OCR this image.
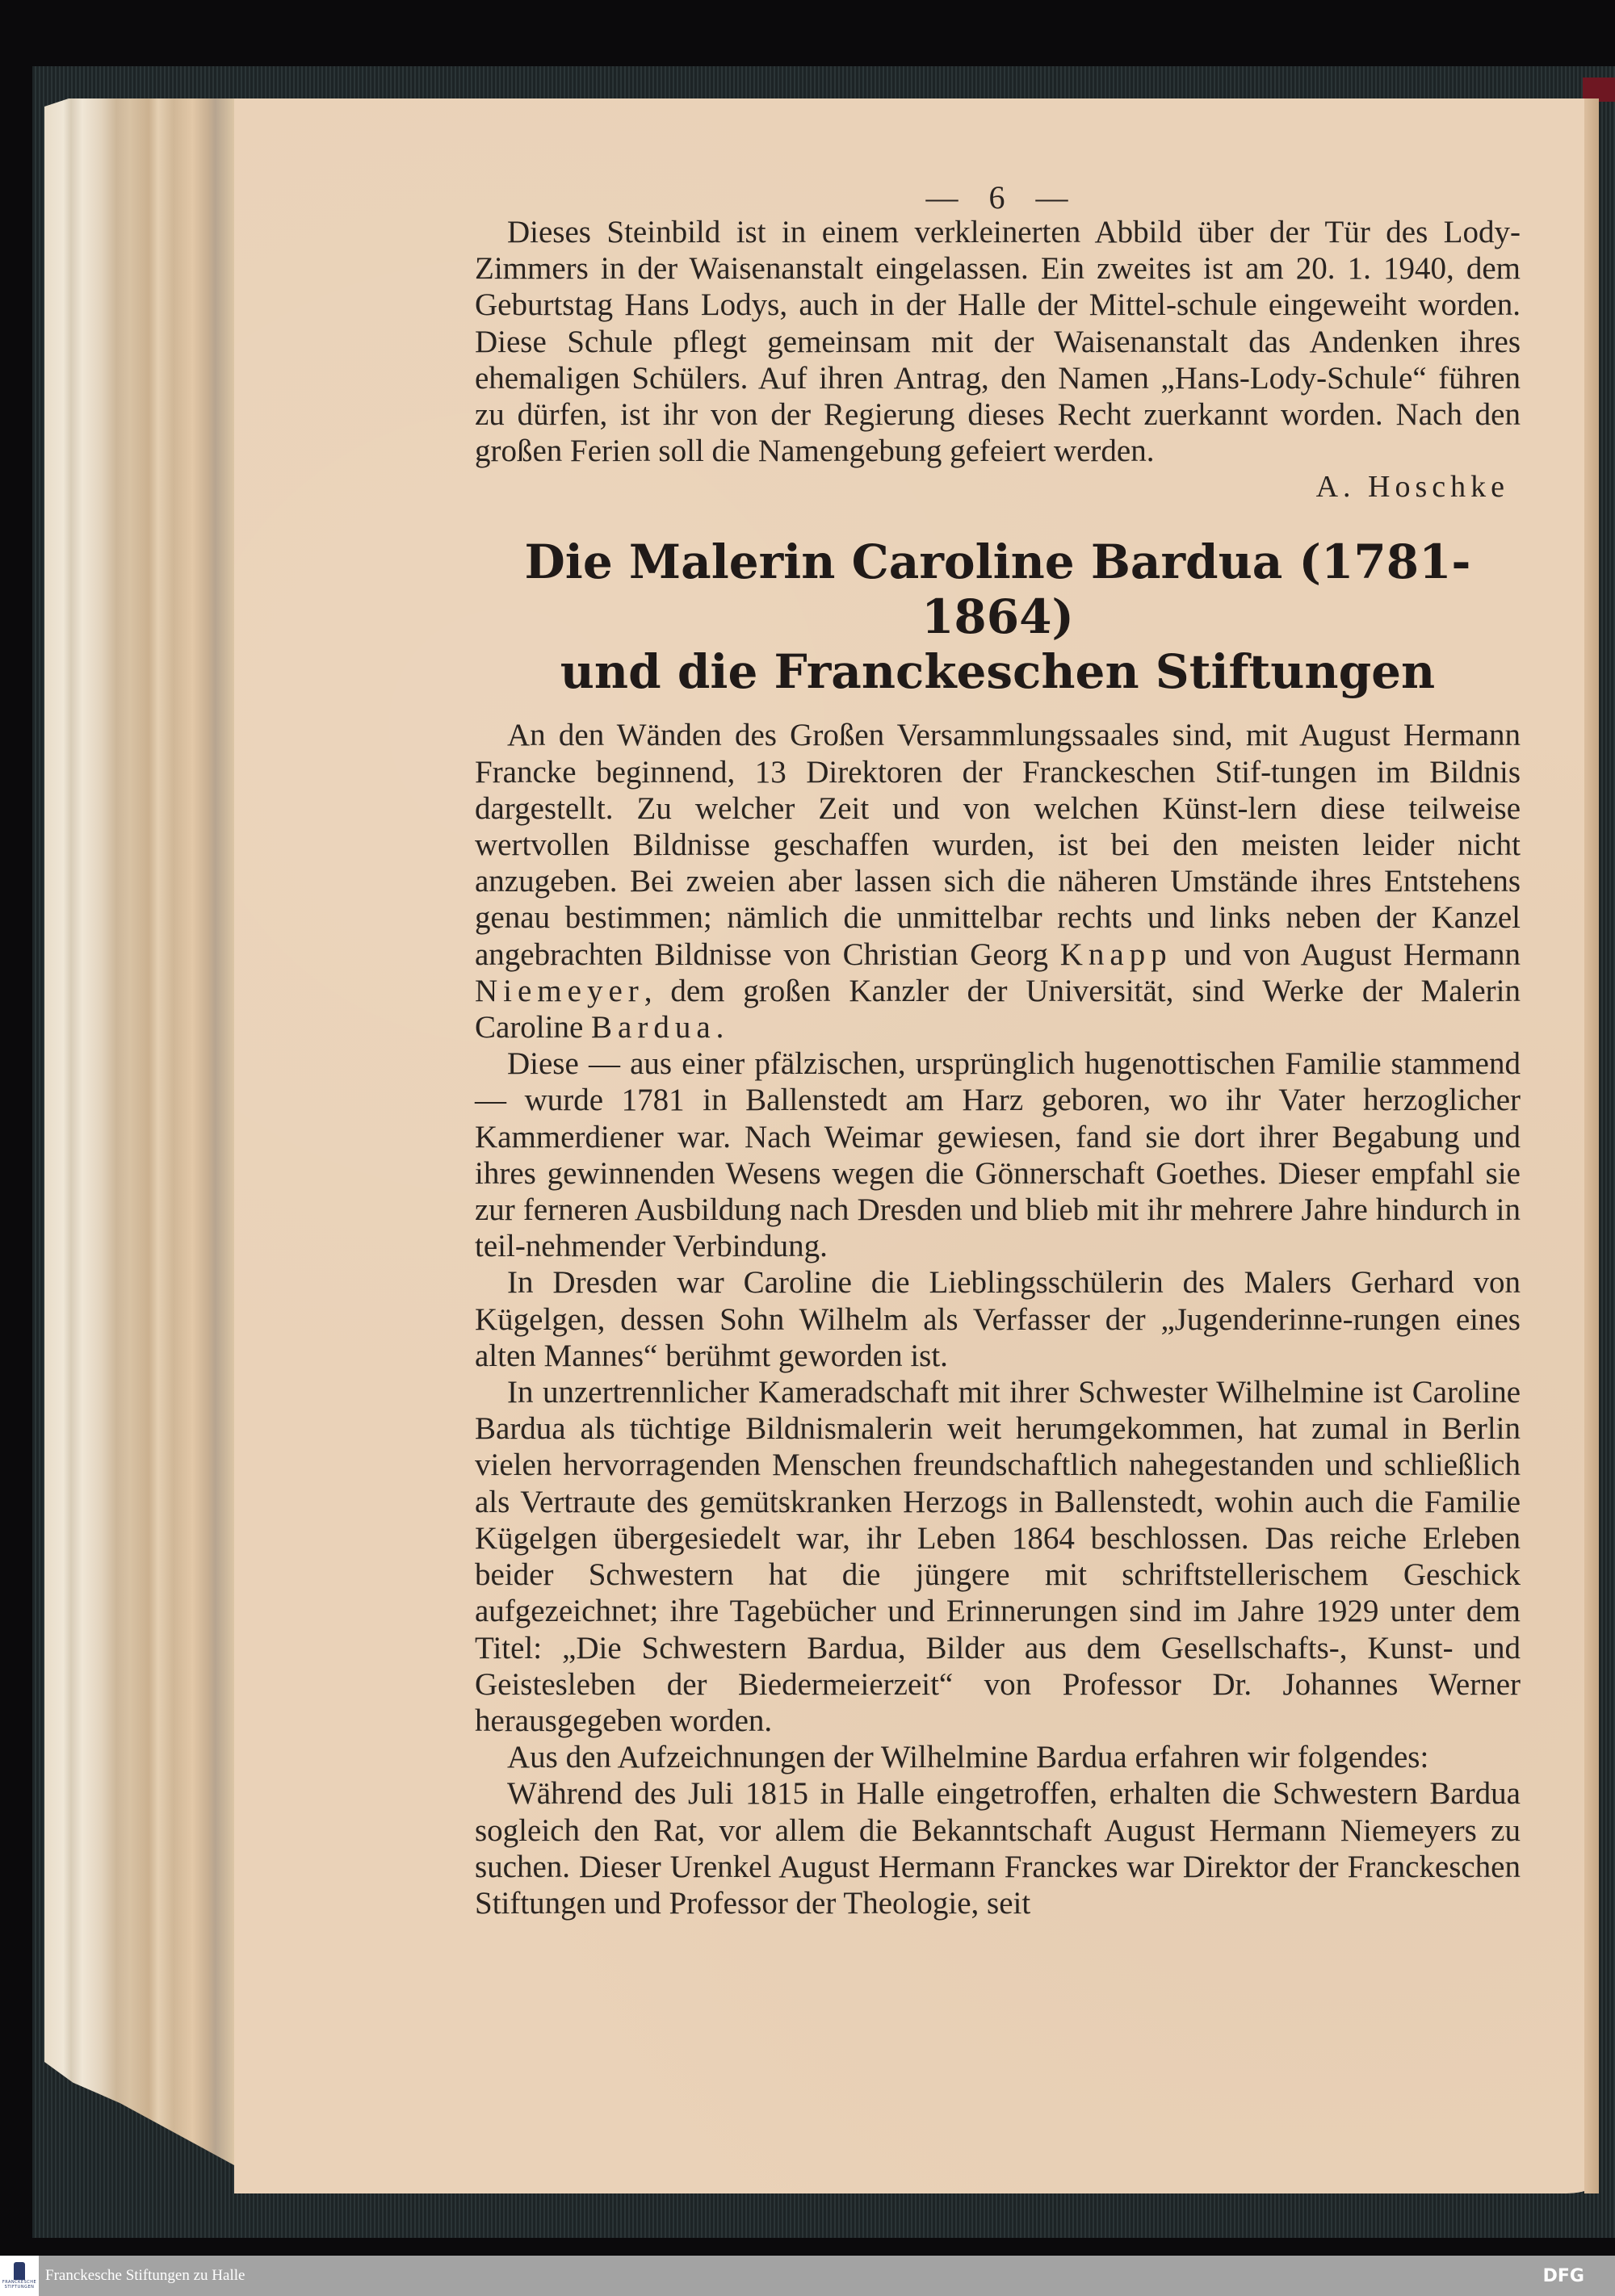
— 6 —

Dieses Steinbild ist in einem verkleinerten Abbild über der Tür des Lody-Zimmers in der Waisenanstalt eingelassen. Ein zweites ist am 20. 1. 1940, dem Geburtstag Hans Lodys, auch in der Halle der Mittel-schule eingeweiht worden. Diese Schule pflegt gemeinsam mit der Waisenanstalt das Andenken ihres ehemaligen Schülers. Auf ihren Antrag, den Namen „Hans-Lody-Schule“ führen zu dürfen, ist ihr von der Regierung dieses Recht zuerkannt worden. Nach den großen Ferien soll die Namengebung gefeiert werden.

A. Hoschke
Die Malerin Caroline Bardua (1781-1864)
und die Franckeschen Stiftungen

An den Wänden des Großen Versammlungssaales sind, mit August Hermann Francke beginnend, 13 Direktoren der Franckeschen Stif-tungen im Bildnis dargestellt. Zu welcher Zeit und von welchen Künst-lern diese teilweise wertvollen Bildnisse geschaffen wurden, ist bei den meisten leider nicht anzugeben. Bei zweien aber lassen sich die näheren Umstände ihres Entstehens genau bestimmen; nämlich die unmittelbar rechts und links neben der Kanzel angebrachten Bildnisse von Christian Georg Knapp und von August Hermann Niemeyer, dem großen Kanzler der Universität, sind Werke der Malerin Caroline Bardua.

Diese — aus einer pfälzischen, ursprünglich hugenottischen Familie stammend — wurde 1781 in Ballenstedt am Harz geboren, wo ihr Vater herzoglicher Kammerdiener war. Nach Weimar gewiesen, fand sie dort ihrer Begabung und ihres gewinnenden Wesens wegen die Gönnerschaft Goethes. Dieser empfahl sie zur ferneren Ausbildung nach Dresden und blieb mit ihr mehrere Jahre hindurch in teil-nehmender Verbindung.

In Dresden war Caroline die Lieblingsschülerin des Malers Gerhard von Kügelgen, dessen Sohn Wilhelm als Verfasser der „Jugenderinne-rungen eines alten Mannes“ berühmt geworden ist.

In unzertrennlicher Kameradschaft mit ihrer Schwester Wilhelmine ist Caroline Bardua als tüchtige Bildnismalerin weit herumgekommen, hat zumal in Berlin vielen hervorragenden Menschen freundschaftlich nahegestanden und schließlich als Vertraute des gemütskranken Herzogs in Ballenstedt, wohin auch die Familie Kügelgen übergesiedelt war, ihr Leben 1864 beschlossen. Das reiche Erleben beider Schwestern hat die jüngere mit schriftstellerischem Geschick aufgezeichnet; ihre Tagebücher und Erinnerungen sind im Jahre 1929 unter dem Titel: „Die Schwestern Bardua, Bilder aus dem Gesellschafts-, Kunst- und Geistesleben der Biedermeierzeit“ von Professor Dr. Johannes Werner herausgegeben worden.

Aus den Aufzeichnungen der Wilhelmine Bardua erfahren wir folgendes:

Während des Juli 1815 in Halle eingetroffen, erhalten die Schwestern Bardua sogleich den Rat, vor allem die Bekanntschaft August Hermann Niemeyers zu suchen. Dieser Urenkel August Hermann Franckes war Direktor der Franckeschen Stiftungen und Professor der Theologie, seit

FRANCKESCHE
STIFTUNGEN
Franckesche Stiftungen zu Halle	DFG
